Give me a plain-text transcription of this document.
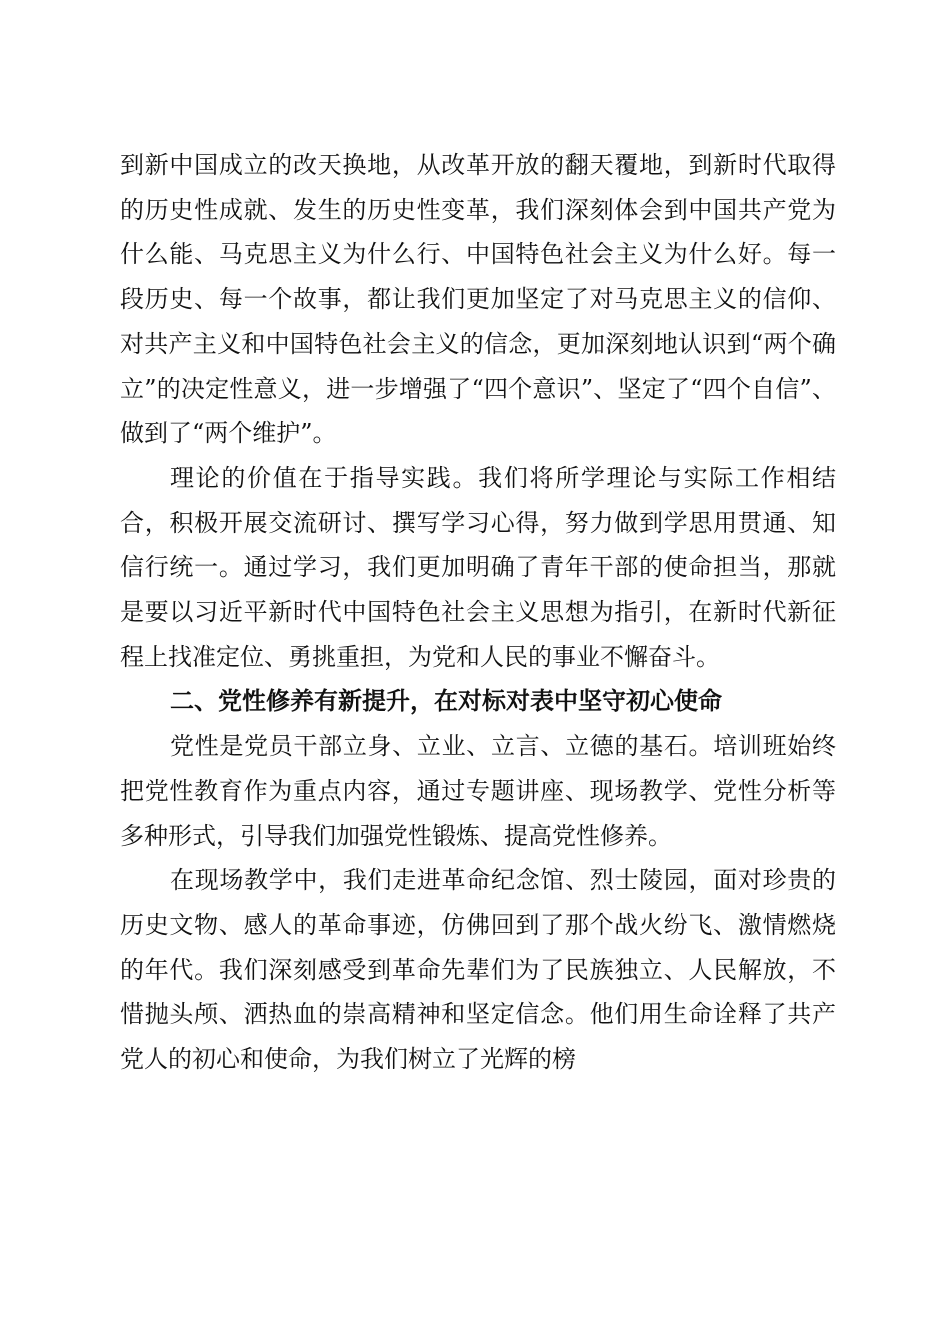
到新中国成立的改天换地，从改革开放的翻天覆地，到新时代取得的历史性成就、发生的历史性变革，我们深刻体会到中国共产党为什么能、马克思主义为什么行、中国特色社会主义为什么好。每一段历史、每一个故事，都让我们更加坚定了对马克思主义的信仰、对共产主义和中国特色社会主义的信念，更加深刻地认识到“两个确立”的决定性意义，进一步增强了“四个意识”、坚定了“四个自信”、做到了“两个维护”。

理论的价值在于指导实践。我们将所学理论与实际工作相结合，积极开展交流研讨、撰写学习心得，努力做到学思用贯通、知信行统一。通过学习，我们更加明确了青年干部的使命担当，那就是要以习近平新时代中国特色社会主义思想为指引，在新时代新征程上找准定位、勇挑重担，为党和人民的事业不懈奋斗。

二、党性修养有新提升，在对标对表中坚守初心使命

党性是党员干部立身、立业、立言、立德的基石。培训班始终把党性教育作为重点内容，通过专题讲座、现场教学、党性分析等多种形式，引导我们加强党性锻炼、提高党性修养。

在现场教学中，我们走进革命纪念馆、烈士陵园，面对珍贵的历史文物、感人的革命事迹，仿佛回到了那个战火纷飞、激情燃烧的年代。我们深刻感受到革命先辈们为了民族独立、人民解放，不惜抛头颅、洒热血的崇高精神和坚定信念。他们用生命诠释了共产党人的初心和使命，为我们树立了光辉的榜
